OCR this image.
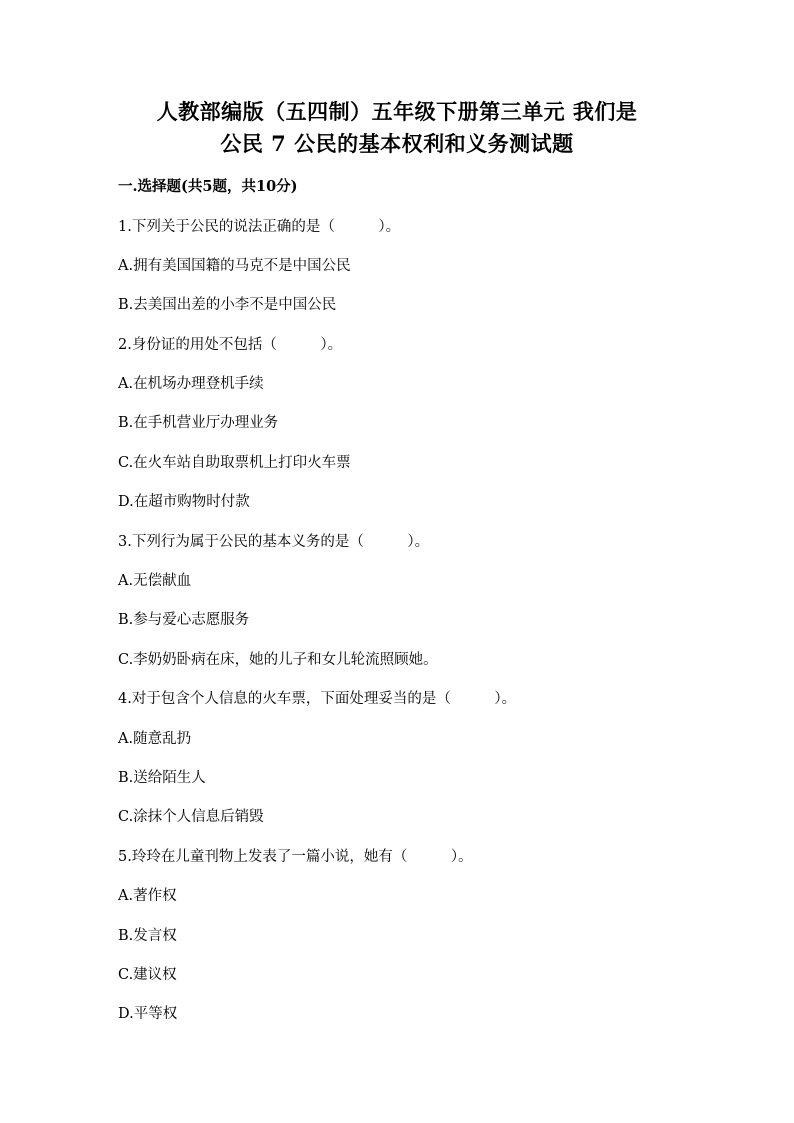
人教部编版（五四制）五年级下册第三单元 我们是
公民 7 公民的基本权利和义务测试题
一.选择题(共5题，共10分)
1.下列关于公民的说法正确的是（　　　）。
A.拥有美国国籍的马克不是中国公民
B.去美国出差的小李不是中国公民
2.身份证的用处不包括（　　　）。
A.在机场办理登机手续
B.在手机营业厅办理业务
C.在火车站自助取票机上打印火车票
D.在超市购物时付款
3.下列行为属于公民的基本义务的是（　　　）。
A.无偿献血
B.参与爱心志愿服务
C.李奶奶卧病在床，她的儿子和女儿轮流照顾她。
4.对于包含个人信息的火车票，下面处理妥当的是（　　　）。
A.随意乱扔
B.送给陌生人
C.涂抹个人信息后销毁
5.玲玲在儿童刊物上发表了一篇小说，她有（　　　）。
A.著作权
B.发言权
C.建议权
D.平等权
